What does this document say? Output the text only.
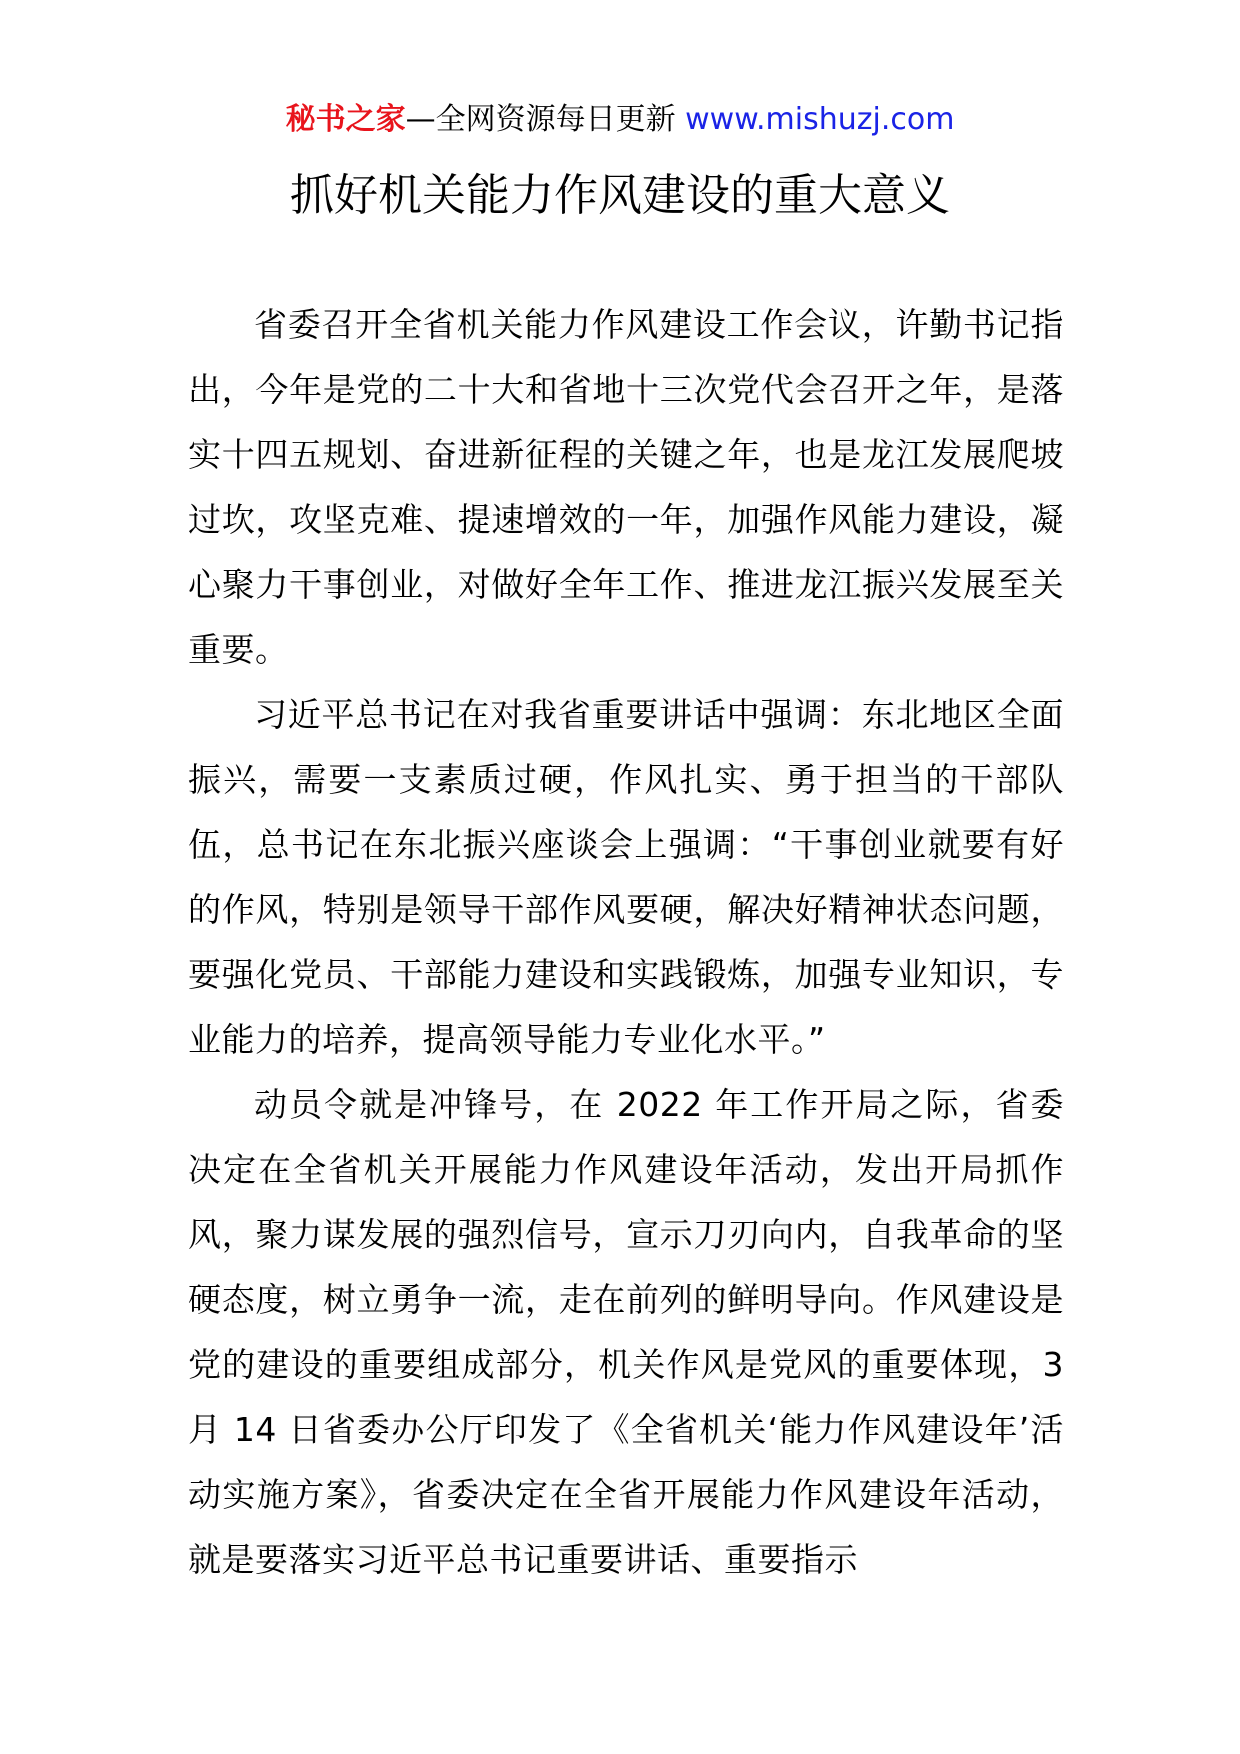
秘书之家—全网资源每日更新 www.mishuzj.com
抓好机关能力作风建设的重大意义

省委召开全省机关能力作风建设工作会议，许勤书记指出，今年是党的二十大和省地十三次党代会召开之年，是落实十四五规划、奋进新征程的关键之年，也是龙江发展爬坡过坎，攻坚克难、提速增效的一年，加强作风能力建设，凝心聚力干事创业，对做好全年工作、推进龙江振兴发展至关重要。

习近平总书记在对我省重要讲话中强调：东北地区全面振兴，需要一支素质过硬，作风扎实、勇于担当的干部队伍，总书记在东北振兴座谈会上强调：“干事创业就要有好的作风，特别是领导干部作风要硬，解决好精神状态问题，要强化党员、干部能力建设和实践锻炼，加强专业知识，专业能力的培养，提高领导能力专业化水平。”

动员令就是冲锋号，在 2022 年工作开局之际，省委决定在全省机关开展能力作风建设年活动，发出开局抓作风，聚力谋发展的强烈信号，宣示刀刃向内，自我革命的坚硬态度，树立勇争一流，走在前列的鲜明导向。作风建设是党的建设的重要组成部分，机关作风是党风的重要体现，3 月 14 日省委办公厅印发了《全省机关‘能力作风建设年’活动实施方案》，省委决定在全省开展能力作风建设年活动，就是要落实习近平总书记重要讲话、重要指示
